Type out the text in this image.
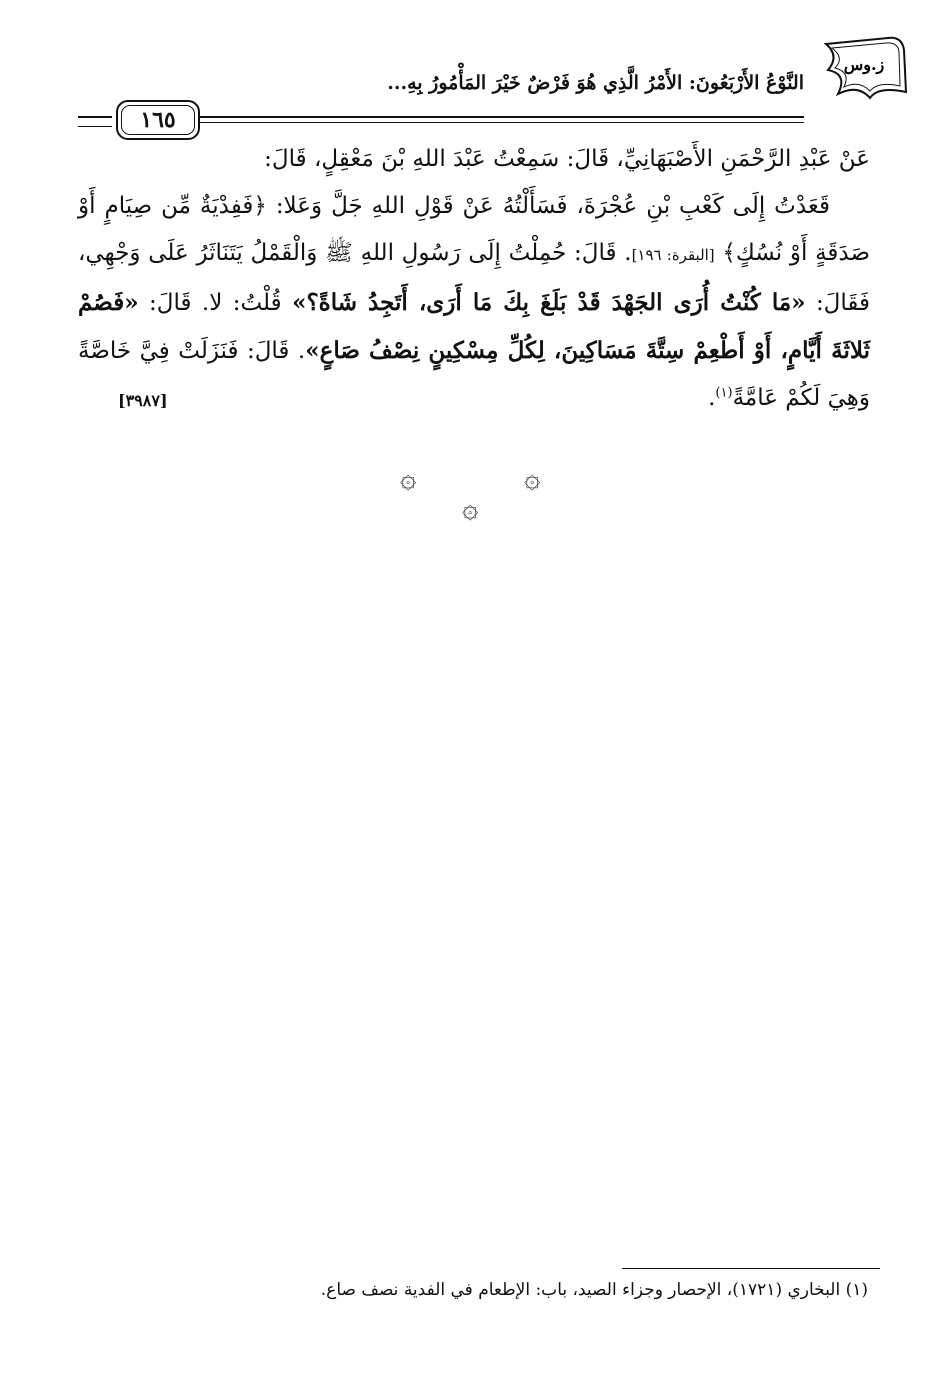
ز.وس
النَّوْعُ الأَرْبَعُونَ: الأَمْرُ الَّذِي هُوَ فَرْضٌ خَيْرَ المَأْمُورُ بِهِ...
١٦٥

عَنْ عَبْدِ الرَّحْمَنِ الأَصْبَهَانِيِّ، قَالَ: سَمِعْتُ عَبْدَ اللهِ بْنَ مَعْقِلٍ، قَالَ:

قَعَدْتُ إِلَى كَعْبِ بْنِ عُجْرَةَ، فَسَأَلْتُهُ عَنْ قَوْلِ اللهِ جَلَّ وَعَلا: ﴿فَفِدْيَةٌ مِّن صِيَامٍ أَوْ صَدَقَةٍ أَوْ نُسُكٍ﴾ [البقرة: ١٩٦]. قَالَ: حُمِلْتُ إِلَى رَسُولِ اللهِ ﷺ وَالْقَمْلُ يَتَنَاثَرُ عَلَى وَجْهِي، فَقَالَ: «مَا كُنْتُ أُرَى الجَهْدَ قَدْ بَلَغَ بِكَ مَا أَرَى، أَتَجِدُ شَاةً؟» قُلْتُ: لا. قَالَ: «فَصُمْ ثَلاثَةَ أَيَّامٍ، أَوْ أَطْعِمْ سِتَّةَ مَسَاكِينَ، لِكُلِّ مِسْكِينٍ نِصْفُ صَاعٍ». قَالَ: فَنَزَلَتْ فِيَّ خَاصَّةً وَهِيَ لَكُمْ عَامَّةً$^{(١)}$.
[٣٩٨٧]

۞	۞
۞
(١) البخاري (١٧٢١)، الإحصار وجزاء الصيد، باب: الإطعام في الفدية نصف صاع.
